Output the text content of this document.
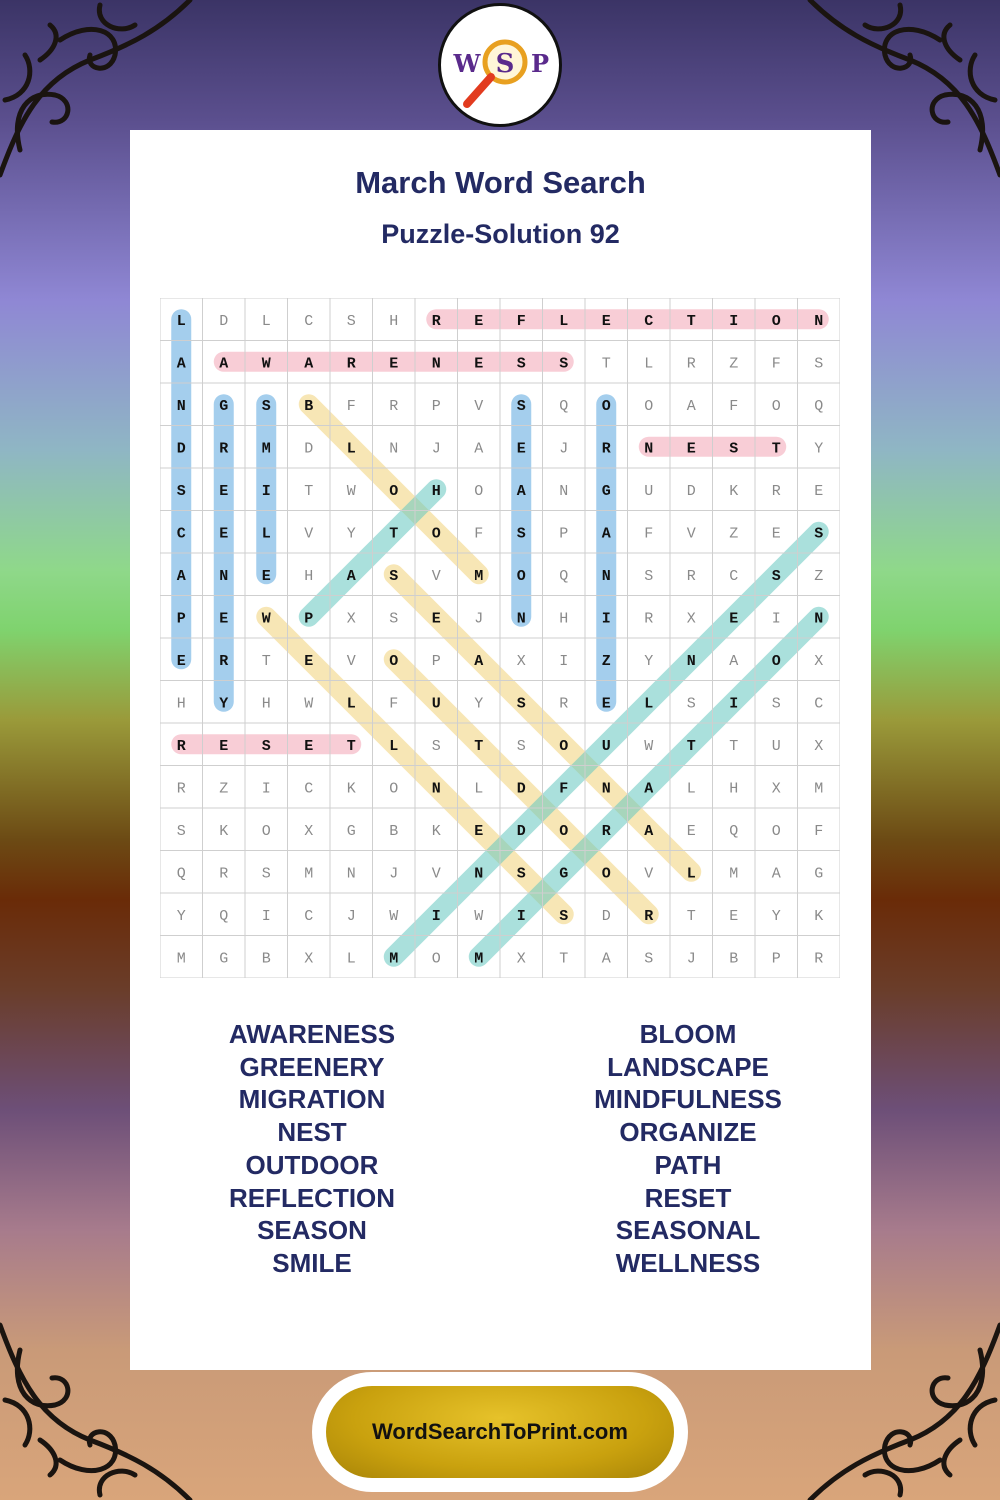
W S P
March Word Search
Puzzle-Solution 92
L D L C S H R E F L E C T I O N
A A W A R E N E S S T L R Z F S
N G S B F R P V S Q O O A F O Q
D R M D L N J A E J R N E S T Y
S E I T W O H O A N G U D K R E
C E L V Y T O F S P A F V Z E S
A N E H A S V M O Q N S R C S Z
P E W P X S E J N H I R X E I N
E R T E V O P A X I Z Y N A O X
H Y H W L F U Y S R E L S I S C
R E S E T L S T S O U W T T U X
R Z I C K O N L D F N A L H X M
S K O X G B K E D O R A E Q O F
Q R S M N J V N S G O V L M A G
Y Q I C J W I W I S D R T E Y K
M G B X L M O M X T A S J B P R
AWARENESS
GREENERY
MIGRATION
NEST
OUTDOOR
REFLECTION
SEASON
SMILE
BLOOM
LANDSCAPE
MINDFULNESS
ORGANIZE
PATH
RESET
SEASONAL
WELLNESS
WordSearchToPrint.com
